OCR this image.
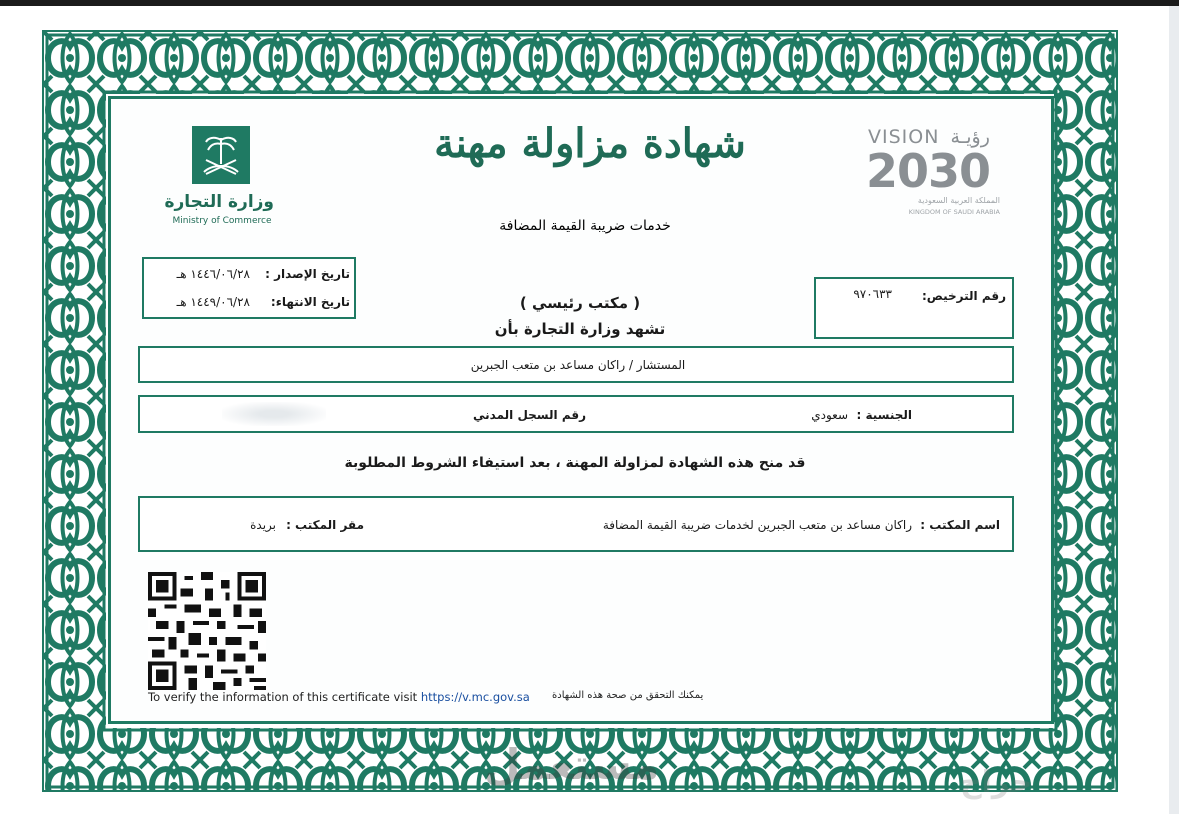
وزارة التجارة
Ministry of Commerce
شهادة مزاولة مهنة
خدمات ضريبة القيمة المضافة
VISION رؤيـة
2030
المملكة العربية السعودية
KINGDOM OF SAUDI ARABIA
تاريخ الإصدار :
١٤٤٦/٠٦/٢٨ هـ
تاريخ الانتهاء:
١٤٤٩/٠٦/٢٨ هـ	رقم الترخيص:
٩٧٠٦٣٣
( مكتب رئيسي )
تشهد وزارة التجارة بأن
المستشار / راكان مساعد بن متعب الجبرين
الجنسية :
سعودي
رقم السجل المدني
قد منح هذه الشهادة لمزاولة المهنة ، بعد استيفاء الشروط المطلوبة
اسم المكتب :
راكان مساعد بن متعب الجبرين لخدمات ضريبة القيمة المضافة
مقر المكتب :
بريدة
To verify the information of this certificate visit https://v.mc.gov.sa يمكنك التحقق من صحة هذه الشهادة
مستعمل	حراج
